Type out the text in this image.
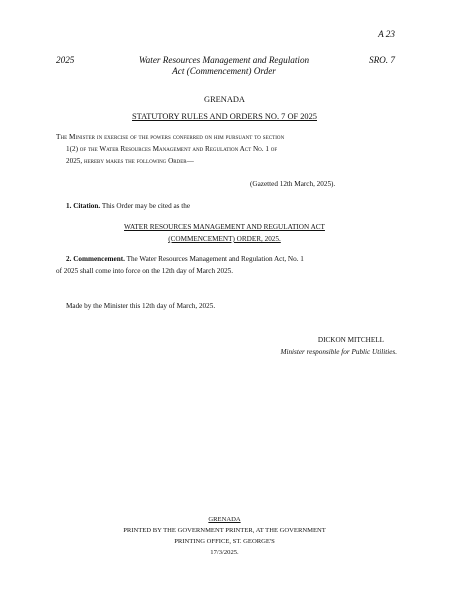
A 23
2025	Water Resources Management and Regulation
Act (Commencement) Order
SRO. 7
GRENADA
STATUTORY RULES AND ORDERS NO. 7 OF 2025
The Minister in exercise of the powers conferred on him pursuant to section
1(2) of the Water Resources Management and Regulation Act No. 1 of
2025, hereby makes the following Order—
(Gazetted 12th March, 2025).
1. Citation. This Order may be cited as the
WATER RESOURCES MANAGEMENT AND REGULATION ACT
(COMMENCEMENT) ORDER, 2025.
2. Commencement. The Water Resources Management and Regulation Act, No. 1
of 2025 shall come into force on the 12th day of March 2025.
Made by the Minister this 12th day of March, 2025.
DICKON MITCHELL
Minister responsible for Public Utilities.
GRENADA
PRINTED BY THE GOVERNMENT PRINTER, AT THE GOVERNMENT
PRINTING OFFICE, ST. GEORGE'S
17/3/2025.
